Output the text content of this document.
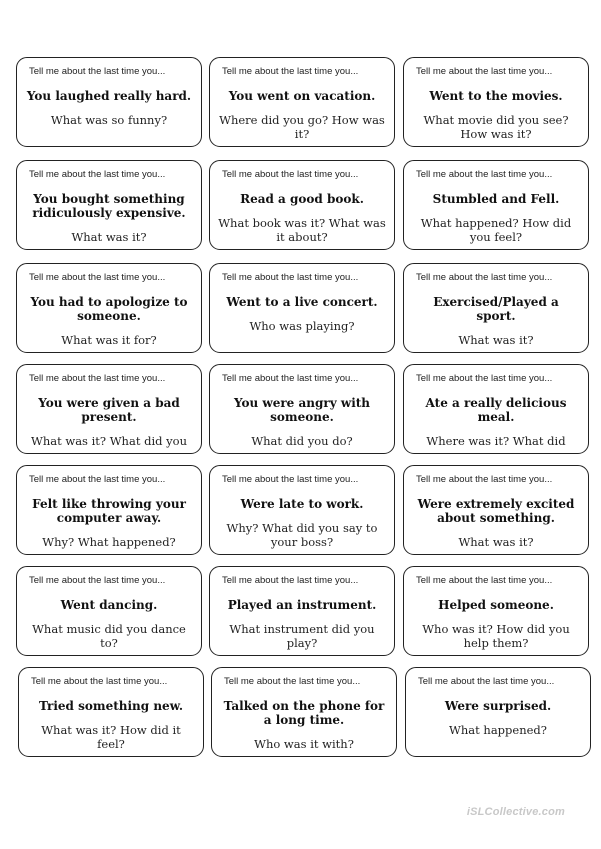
Tell me about the last time you...
You laughed really hard.
What was so funny?
Tell me about the last time you...
You went on vacation.
Where did you go? How was it?
Tell me about the last time you...
Went to the movies.
What movie did you see? How was it?
Tell me about the last time you...
You bought something ridiculously expensive.
What was it?
Tell me about the last time you...
Read a good book.
What book was it? What was it about?
Tell me about the last time you...
Stumbled and Fell.
What happened? How did you feel?
Tell me about the last time you...
You had to apologize to someone.
What was it for?
Tell me about the last time you...
Went to a live concert.
Who was playing?
Tell me about the last time you...
Exercised/Played a sport.
What was it?
Tell me about the last time you...
You were given a bad present.
What was it? What did you
Tell me about the last time you...
You were angry with someone.
What did you do?
Tell me about the last time you...
Ate a really delicious meal.
Where was it? What did
Tell me about the last time you...
Felt like throwing your computer away.
Why? What happened?
Tell me about the last time you...
Were late to work.
Why? What did you say to your boss?
Tell me about the last time you...
Were extremely excited about something.
What was it?
Tell me about the last time you...
Went dancing.
What music did you dance to?
Tell me about the last time you...
Played an instrument.
What instrument did you play?
Tell me about the last time you...
Helped someone.
Who was it? How did you help them?
Tell me about the last time you...
Tried something new.
What was it? How did it feel?
Tell me about the last time you...
Talked on the phone for a long time.
Who was it with?
Tell me about the last time you...
Were surprised.
What happened?
iSLCollective.com
